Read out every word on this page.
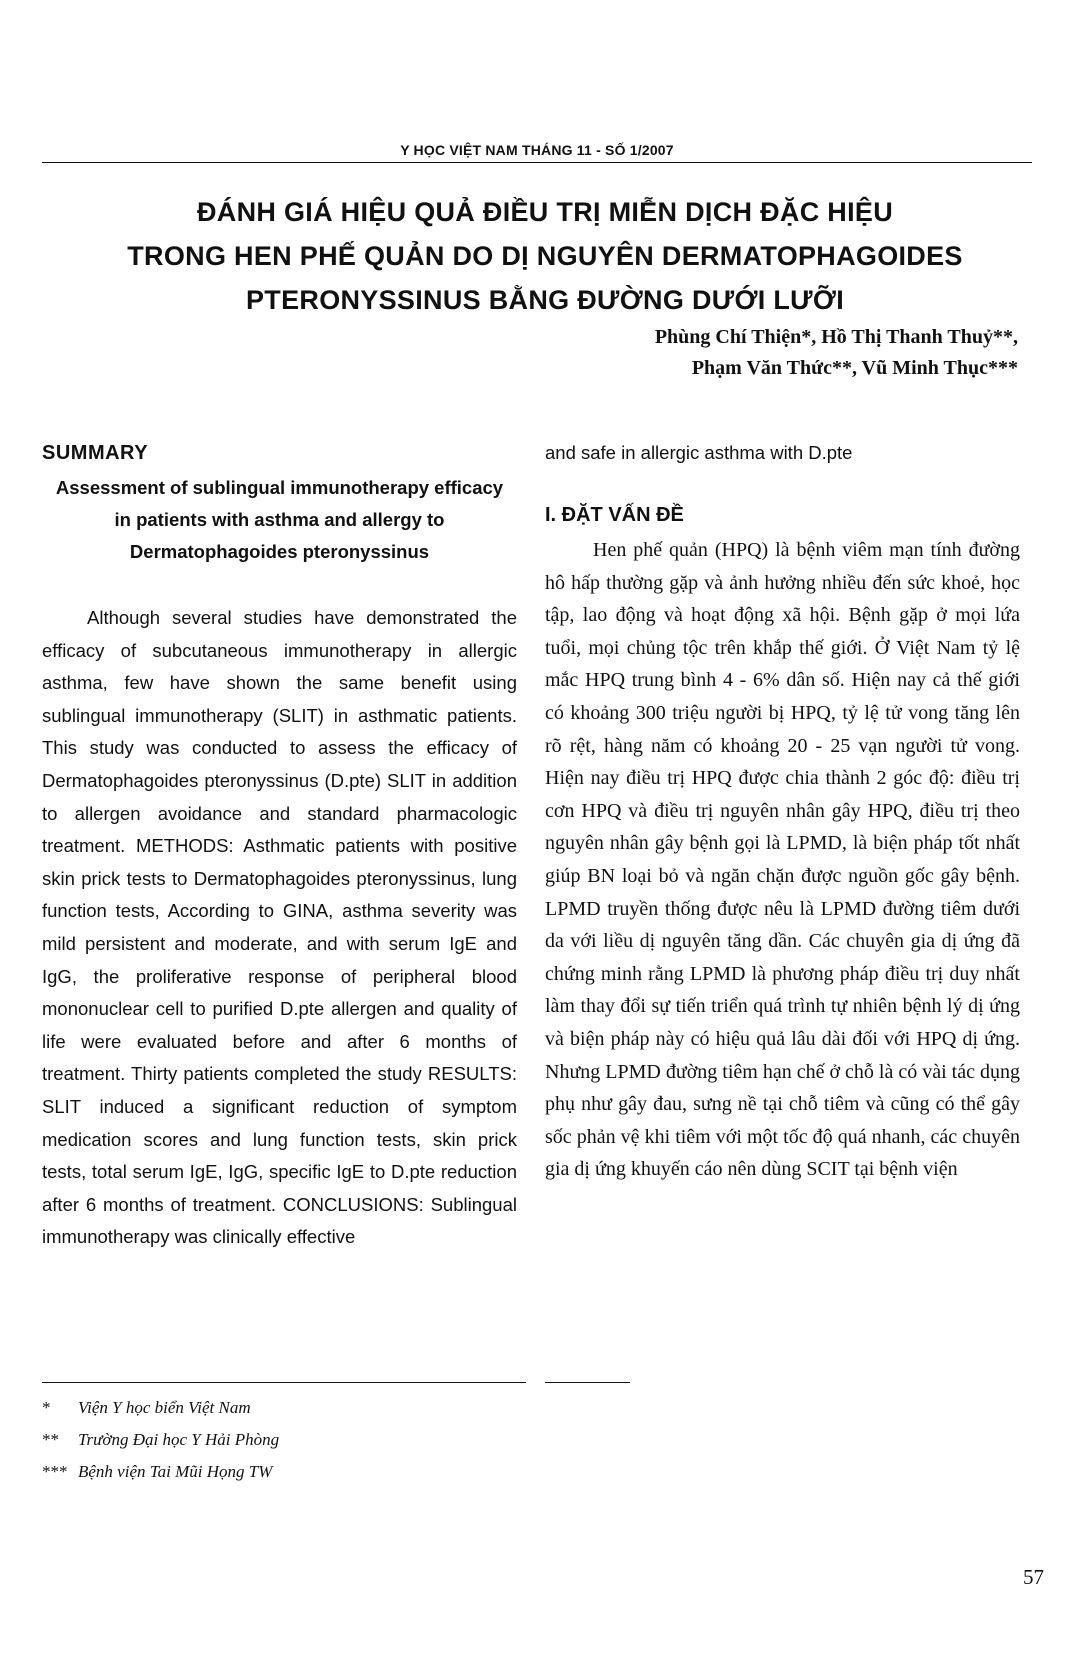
Y HỌC VIỆT NAM THÁNG 11 - SỐ 1/2007
ĐÁNH GIÁ HIỆU QUẢ ĐIỀU TRỊ MIỄN DỊCH ĐẶC HIỆU
TRONG HEN PHẾ QUẢN DO DỊ NGUYÊN DERMATOPHAGOIDES
PTERONYSSINUS BẰNG ĐƯỜNG DƯỚI LƯỠI
Phùng Chí Thiện*, Hồ Thị Thanh Thuỷ**,
Phạm Văn Thức**, Vũ Minh Thục***
SUMMARY
Assessment of sublingual immunotherapy efficacy in patients with asthma and allergy to Dermatophagoides pteronyssinus

Although several studies have demonstrated the efficacy of subcutaneous immunotherapy in allergic asthma, few have shown the same benefit using sublingual immunotherapy (SLIT) in asthmatic patients. This study was conducted to assess the efficacy of Dermatophagoides pteronyssinus (D.pte) SLIT in addition to allergen avoidance and standard pharmacologic treatment. METHODS: Asthmatic patients with positive skin prick tests to Dermatophagoides pteronyssinus, lung function tests, According to GINA, asthma severity was mild persistent and moderate, and with serum IgE and IgG, the proliferative response of peripheral blood mononuclear cell to purified D.pte allergen and quality of life were evaluated before and after 6 months of treatment. Thirty patients completed the study RESULTS: SLIT induced a significant reduction of symptom medication scores and lung function tests, skin prick tests, total serum IgE, IgG, specific IgE to D.pte reduction after 6 months of treatment. CONCLUSIONS: Sublingual immunotherapy was clinically effective

and safe in allergic asthma with D.pte

I. ĐẶT VẤN ĐỀ

Hen phế quản (HPQ) là bệnh viêm mạn tính đường hô hấp thường gặp và ảnh hưởng nhiều đến sức khoẻ, học tập, lao động và hoạt động xã hội. Bệnh gặp ở mọi lứa tuổi, mọi chủng tộc trên khắp thế giới. Ở Việt Nam tỷ lệ mắc HPQ trung bình 4 - 6% dân số. Hiện nay cả thế giới có khoảng 300 triệu người bị HPQ, tỷ lệ tử vong tăng lên rõ rệt, hàng năm có khoảng 20 - 25 vạn người tử vong. Hiện nay điều trị HPQ được chia thành 2 góc độ: điều trị cơn HPQ và điều trị nguyên nhân gây HPQ, điều trị theo nguyên nhân gây bệnh gọi là LPMD, là biện pháp tốt nhất giúp BN loại bỏ và ngăn chặn được nguồn gốc gây bệnh. LPMD truyền thống được nêu là LPMD đường tiêm dưới da với liều dị nguyên tăng dần. Các chuyên gia dị ứng đã chứng minh rằng LPMD là phương pháp điều trị duy nhất làm thay đổi sự tiến triển quá trình tự nhiên bệnh lý dị ứng và biện pháp này có hiệu quả lâu dài đối với HPQ dị ứng. Nhưng LPMD đường tiêm hạn chế ở chỗ là có vài tác dụng phụ như gây đau, sưng nề tại chỗ tiêm và cũng có thể gây sốc phản vệ khi tiêm với một tốc độ quá nhanh, các chuyên gia dị ứng khuyến cáo nên dùng SCIT tại bệnh viện

* Viện Y học biển Việt Nam
** Trường Đại học Y Hải Phòng
*** Bệnh viện Tai Mũi Họng TW
57
